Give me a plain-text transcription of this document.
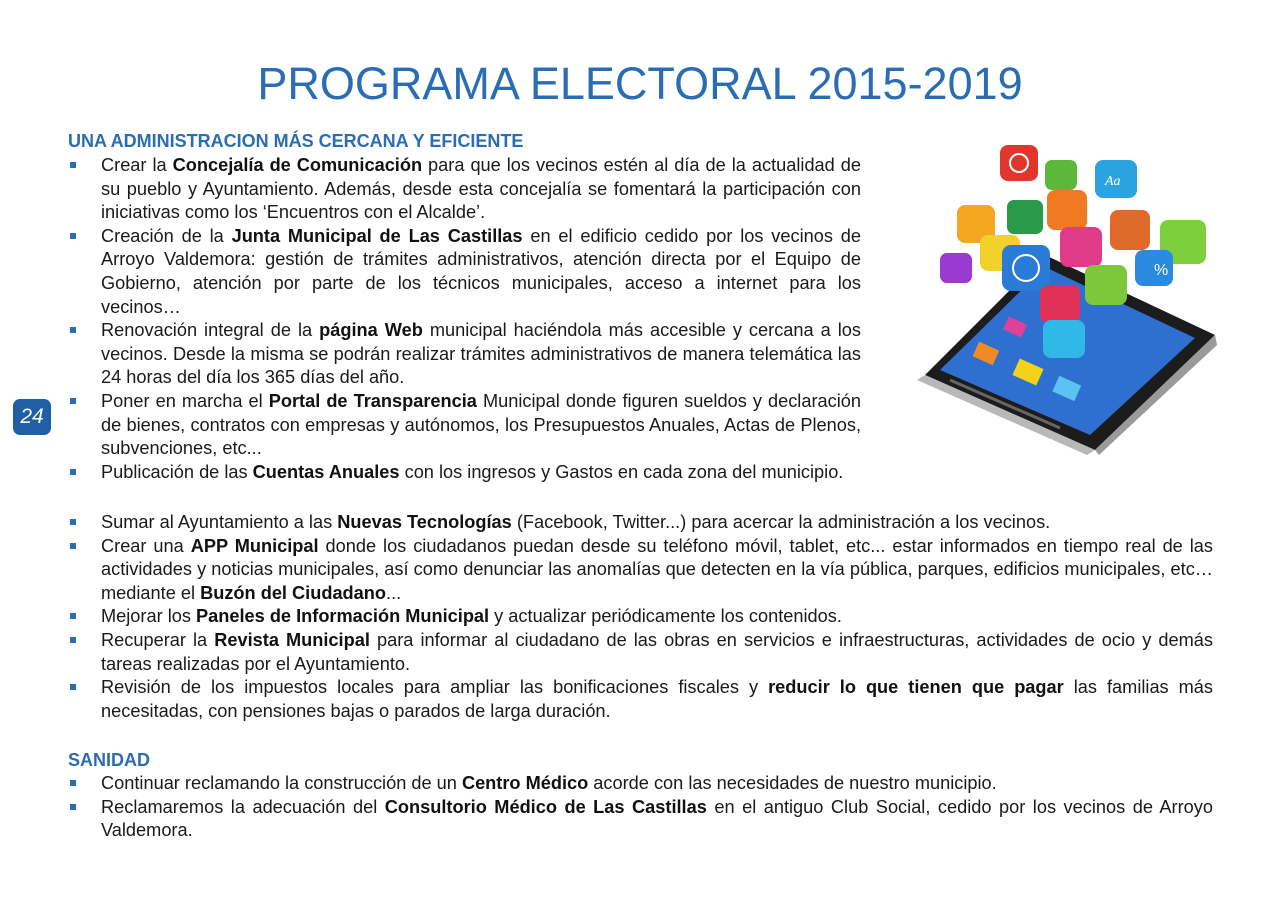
PROGRAMA ELECTORAL 2015-2019
UNA ADMINISTRACION MÁS CERCANA Y EFICIENTE
Crear la Concejalía de Comunicación para que los vecinos estén al día de la actualidad de su pueblo y Ayuntamiento. Además, desde esta concejalía se fomentará la participación con iniciativas como los ‘Encuentros con el Alcalde’.
Creación de la Junta Municipal de Las Castillas en el edificio cedido por los vecinos de Arroyo Valdemora: gestión de trámites administrativos, atención directa por el Equipo de Gobierno, atención por parte de los técnicos municipales, acceso a internet para los vecinos…
Renovación integral de la página Web municipal haciéndola más accesible y cercana a los vecinos. Desde la misma se podrán realizar trámites administrativos de manera telemática las 24 horas del día los 365 días del año.
Poner en marcha el Portal de Transparencia Municipal donde figuren sueldos y declaración de bienes, contratos con empresas y autónomos, los Presupuestos Anuales, Actas de Plenos, subvenciones, etc...
Publicación de las Cuentas Anuales con los ingresos y Gastos en cada zona del municipio.
Sumar al Ayuntamiento a las Nuevas Tecnologías (Facebook, Twitter...) para acercar la administración a los vecinos.
Crear una APP Municipal donde los ciudadanos puedan desde su teléfono móvil, tablet, etc... estar informados en tiempo real de las actividades y noticias municipales, así como denunciar las anomalías que detecten en la vía pública, parques, edificios municipales, etc… mediante el Buzón del Ciudadano...
Mejorar los Paneles de Información Municipal y actualizar periódicamente los contenidos.
Recuperar la Revista Municipal para informar al ciudadano de las obras en servicios e infraestructuras, actividades de ocio y demás tareas realizadas por el Ayuntamiento.
Revisión de los impuestos locales para ampliar las bonificaciones fiscales y reducir lo que tienen que pagar las familias más necesitadas, con pensiones bajas o parados de larga duración.
SANIDAD
Continuar reclamando la construcción de un Centro Médico acorde con las necesidades de nuestro municipio.
Reclamaremos la adecuación del Consultorio Médico de Las Castillas en el antiguo Club Social, cedido por los vecinos de Arroyo Valdemora.
24
%
Aa
